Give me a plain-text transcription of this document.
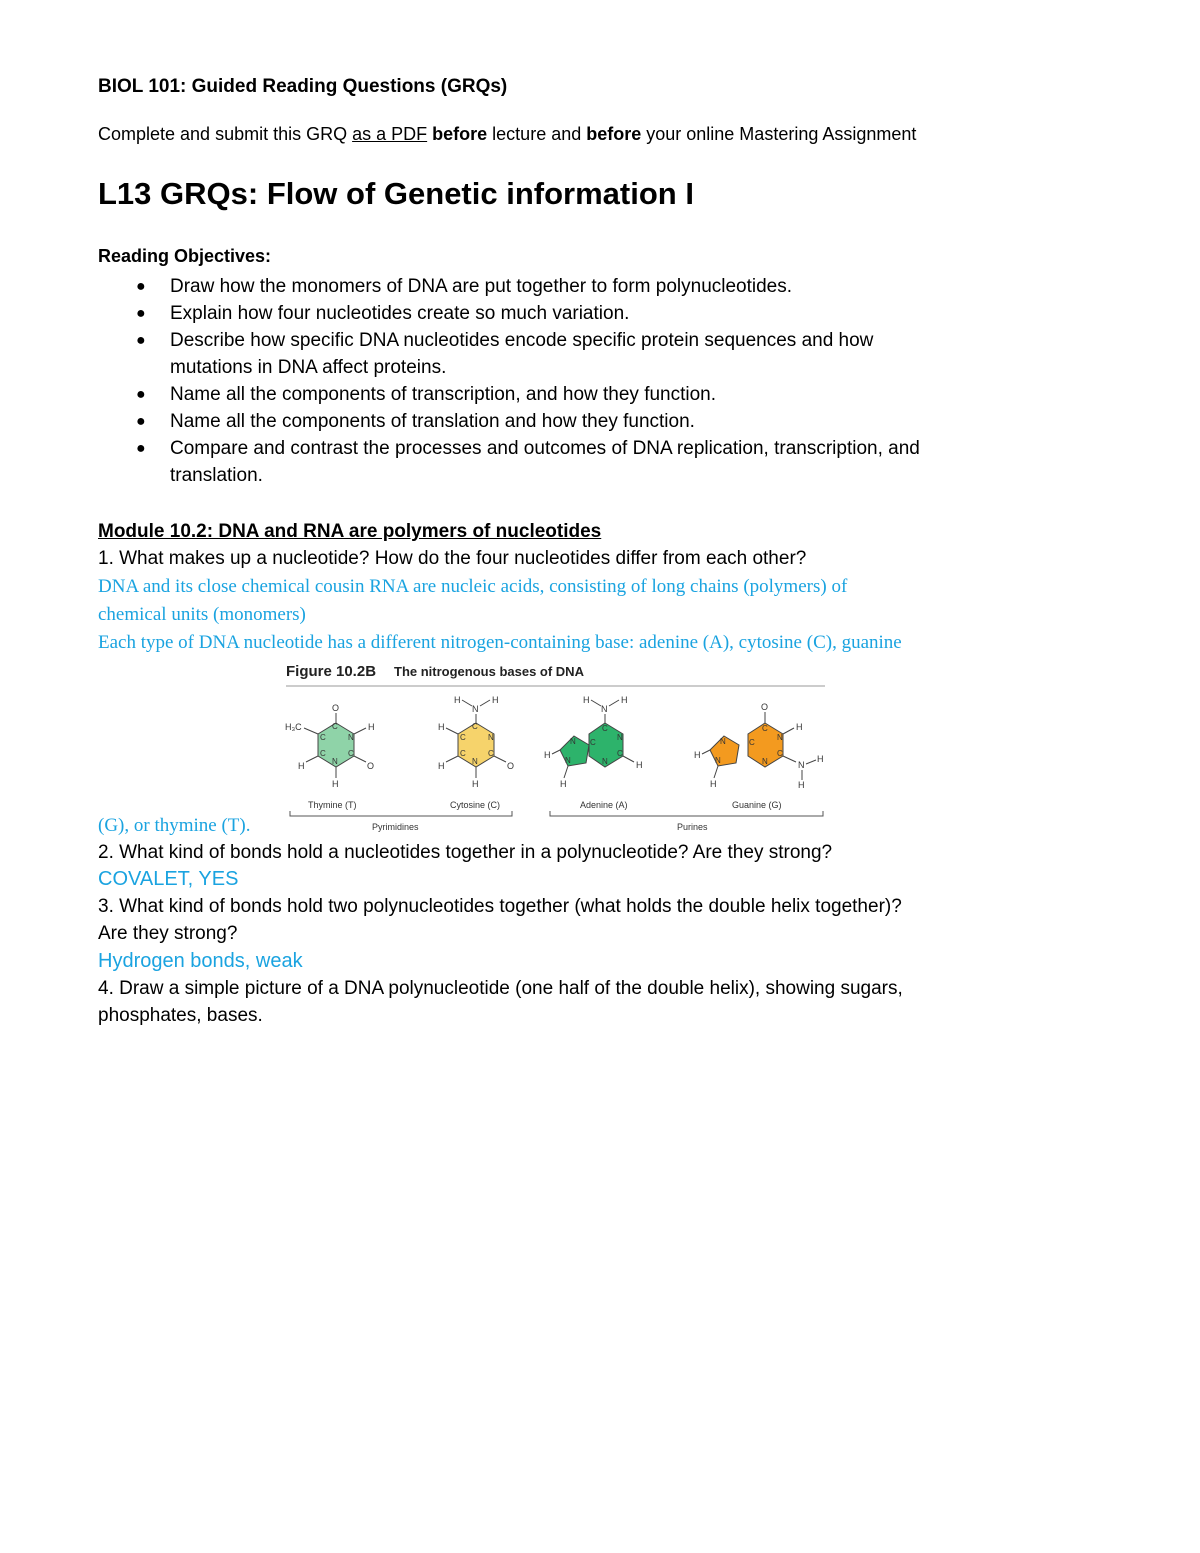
BIOL 101: Guided Reading Questions (GRQs)
Complete and submit this GRQ as a PDF before lecture and before your online Mastering Assignment
L13 GRQs: Flow of Genetic information I
Reading Objectives:
● Draw how the monomers of DNA are put together to form polynucleotides.
● Explain how four nucleotides create so much variation.
● Describe how specific DNA nucleotides encode specific protein sequences and how
mutations in DNA affect proteins.
● Name all the components of transcription, and how they function.
● Name all the components of translation and how they function.
● Compare and contrast the processes and outcomes of DNA replication, transcription, and
translation.
Module 10.2: DNA and RNA are polymers of nucleotides
1. What makes up a nucleotide? How do the four nucleotides differ from each other?
DNA and its close chemical cousin RNA are nucleic acids, consisting of long chains (polymers) of
chemical units (monomers)
Each type of DNA nucleotide has a different nitrogen-containing base: adenine (A), cytosine (C), guanine
Figure 10.2B The nitrogenous bases of DNA
O
H₃C	H
O
H
H
C
C	N
C	C
N
N
H	H
H
O
H
H
C
C	N
C	C
N
N
H	H
H
H
H
N
C
N
C
C
N
N
O
H
N
H
H
H
H
N
C
N
C
C
N
N
Thymine (T)	Cytosine (C)	Adenine (A)	Guanine (G)
Pyrimidines	Purines
(G), or thymine (T).
2. What kind of bonds hold a nucleotides together in a polynucleotide? Are they strong?
COVALET, YES
3. What kind of bonds hold two polynucleotides together (what holds the double helix together)?
Are they strong?
Hydrogen bonds, weak
4. Draw a simple picture of a DNA polynucleotide (one half of the double helix), showing sugars,
phosphates, bases.
